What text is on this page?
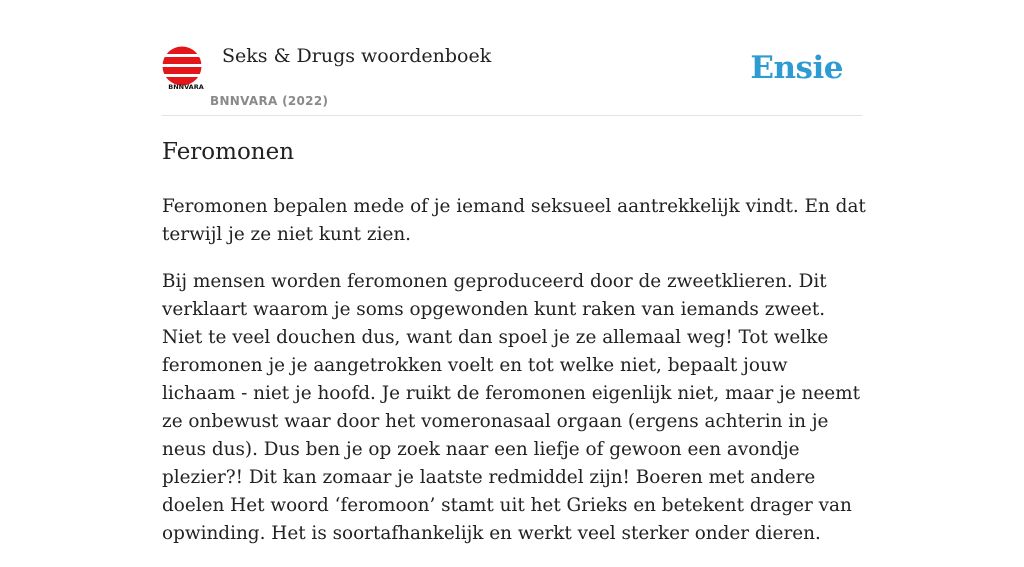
BNNVARA
Seks & Drugs woordenboek
BNNVARA (2022)
Ensie
Feromonen

Feromonen bepalen mede of je iemand seksueel aantrekkelijk vindt. En dat terwijl je ze niet kunt zien.

Bij mensen worden feromonen geproduceerd door de zweetklieren. Dit verklaart waarom je soms opgewonden kunt raken van iemands zweet. Niet te veel douchen dus, want dan spoel je ze allemaal weg! Tot welke feromonen je je aangetrokken voelt en tot welke niet, bepaalt jouw lichaam - niet je hoofd. Je ruikt de feromonen eigenlijk niet, maar je neemt ze onbewust waar door het vomeronasaal orgaan (ergens achterin in je neus dus). Dus ben je op zoek naar een liefje of gewoon een avondje plezier?! Dit kan zomaar je laatste redmiddel zijn! Boeren met andere doelen Het woord ‘feromoon’ stamt uit het Grieks en betekent drager van opwinding. Het is soortafhankelijk en werkt veel sterker onder dieren.
